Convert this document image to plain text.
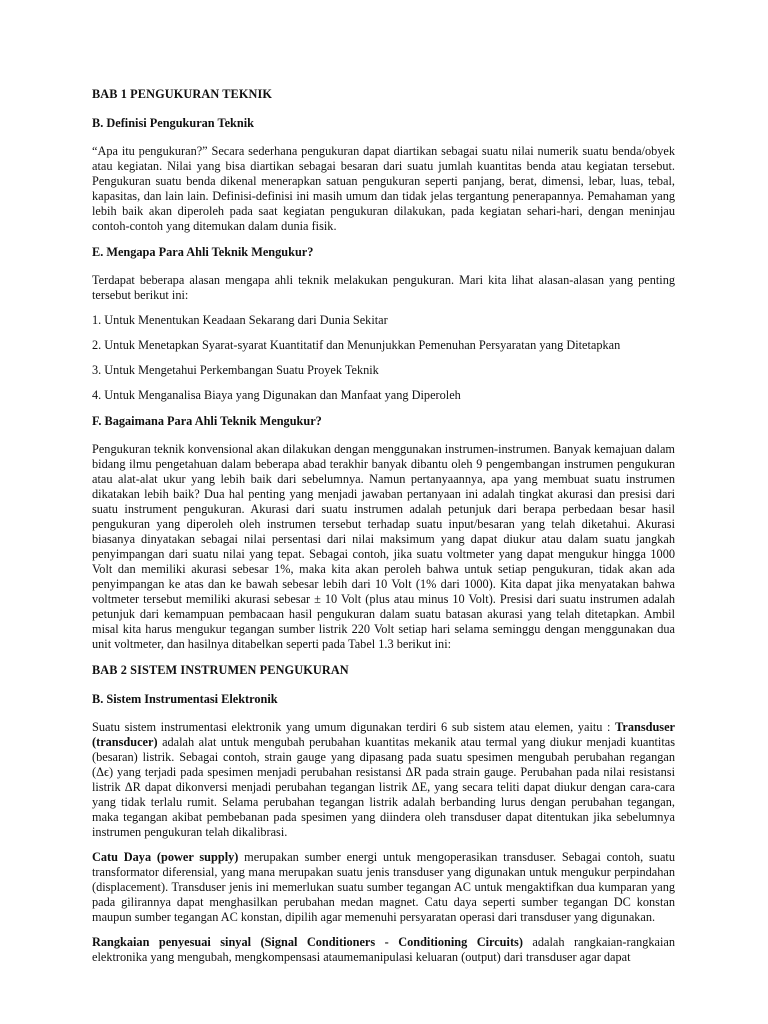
BAB 1 PENGUKURAN TEKNIK
B. Definisi Pengukuran Teknik
“Apa itu pengukuran?” Secara sederhana pengukuran dapat diartikan sebagai suatu nilai numerik suatu benda/obyek atau kegiatan. Nilai yang bisa diartikan sebagai besaran dari suatu jumlah kuantitas benda atau kegiatan tersebut. Pengukuran suatu benda dikenal menerapkan satuan pengukuran seperti panjang, berat, dimensi, lebar, luas, tebal, kapasitas, dan lain lain. Definisi-definisi ini masih umum dan tidak jelas tergantung penerapannya. Pemahaman yang lebih baik akan diperoleh pada saat kegiatan pengukuran dilakukan, pada kegiatan sehari-hari, dengan meninjau contoh-contoh yang ditemukan dalam dunia fisik.
E. Mengapa Para Ahli Teknik Mengukur?
Terdapat beberapa alasan mengapa ahli teknik melakukan pengukuran. Mari kita lihat alasan-alasan yang penting tersebut berikut ini:
1. Untuk Menentukan Keadaan Sekarang dari Dunia Sekitar
2. Untuk Menetapkan Syarat-syarat Kuantitatif dan Menunjukkan Pemenuhan Persyaratan yang Ditetapkan
3. Untuk Mengetahui Perkembangan Suatu Proyek Teknik
4. Untuk Menganalisa Biaya yang Digunakan dan Manfaat yang Diperoleh
F. Bagaimana Para Ahli Teknik Mengukur?
Pengukuran teknik konvensional akan dilakukan dengan menggunakan instrumen-instrumen. Banyak kemajuan dalam bidang ilmu pengetahuan dalam beberapa abad terakhir banyak dibantu oleh 9 pengembangan instrumen pengukuran atau alat-alat ukur yang lebih baik dari sebelumnya. Namun pertanyaannya, apa yang membuat suatu instrumen dikatakan lebih baik? Dua hal penting yang menjadi jawaban pertanyaan ini adalah tingkat akurasi dan presisi dari suatu instrument pengukuran. Akurasi dari suatu instrumen adalah petunjuk dari berapa perbedaan besar hasil pengukuran yang diperoleh oleh instrumen tersebut terhadap suatu input/besaran yang telah diketahui. Akurasi biasanya dinyatakan sebagai nilai persentasi dari nilai maksimum yang dapat diukur atau dalam suatu jangkah penyimpangan dari suatu nilai yang tepat. Sebagai contoh, jika suatu voltmeter yang dapat mengukur hingga 1000 Volt dan memiliki akurasi sebesar 1%, maka kita akan peroleh bahwa untuk setiap pengukuran, tidak akan ada penyimpangan ke atas dan ke bawah sebesar lebih dari 10 Volt (1% dari 1000). Kita dapat jika menyatakan bahwa voltmeter tersebut memiliki akurasi sebesar ± 10 Volt (plus atau minus 10 Volt). Presisi dari suatu instrumen adalah petunjuk dari kemampuan pembacaan hasil pengukuran dalam suatu batasan akurasi yang telah ditetapkan. Ambil misal kita harus mengukur tegangan sumber listrik 220 Volt setiap hari selama seminggu dengan menggunakan dua unit voltmeter, dan hasilnya ditabelkan seperti pada Tabel 1.3 berikut ini:
BAB 2 SISTEM INSTRUMEN PENGUKURAN
B. Sistem Instrumentasi Elektronik
Suatu sistem instrumentasi elektronik yang umum digunakan terdiri 6 sub sistem atau elemen, yaitu : Transduser (transducer) adalah alat untuk mengubah perubahan kuantitas mekanik atau termal yang diukur menjadi kuantitas (besaran) listrik. Sebagai contoh, strain gauge yang dipasang pada suatu spesimen mengubah perubahan regangan (Δϵ) yang terjadi pada spesimen menjadi perubahan resistansi ΔR pada strain gauge. Perubahan pada nilai resistansi listrik ΔR dapat dikonversi menjadi perubahan tegangan listrik ΔE, yang secara teliti dapat diukur dengan cara-cara yang tidak terlalu rumit. Selama perubahan tegangan listrik adalah berbanding lurus dengan perubahan tegangan, maka tegangan akibat pembebanan pada spesimen yang diindera oleh transduser dapat ditentukan jika sebelumnya instrumen pengukuran telah dikalibrasi.
Catu Daya (power supply) merupakan sumber energi untuk mengoperasikan transduser. Sebagai contoh, suatu transformator diferensial, yang mana merupakan suatu jenis transduser yang digunakan untuk mengukur perpindahan (displacement). Transduser jenis ini memerlukan suatu sumber tegangan AC untuk mengaktifkan dua kumparan yang pada gilirannya dapat menghasilkan perubahan medan magnet. Catu daya seperti sumber tegangan DC konstan maupun sumber tegangan AC konstan, dipilih agar memenuhi persyaratan operasi dari transduser yang digunakan.
Rangkaian penyesuai sinyal (Signal Conditioners - Conditioning Circuits) adalah rangkaian-rangkaian elektronika yang mengubah, mengkompensasi ataumemanipulasi keluaran (output) dari transduser agar dapat
